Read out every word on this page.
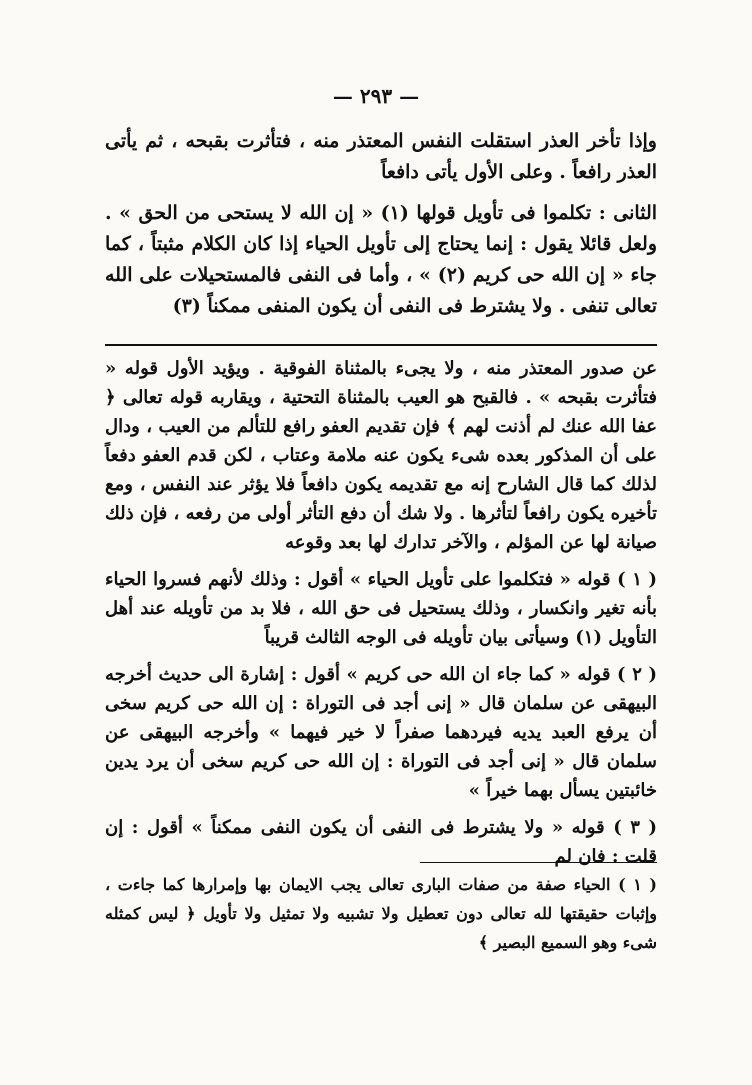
— ٢٩٣ —

وإذا تأخر العذر استقلت النفس المعتذر منه ، فتأثرت بقبحه ، ثم يأتى العذر رافعاً . وعلى الأول يأتى دافعاً

الثانى : تكلموا فى تأويل قولها (١) « إن الله لا يستحى من الحق » . ولعل قائلا يقول : إنما يحتاج إلى تأويل الحياء إذا كان الكلام مثبتاً ، كما جاء « إن الله حى كريم (٢) » ، وأما فى النفى فالمستحيلات على الله تعالى تنفى . ولا يشترط فى النفى أن يكون المنفى ممكناً (٣)

عن صدور المعتذر منه ، ولا يجىء بالمثناة الفوقية . ويؤيد الأول قوله « فتأثرت بقبحه » . فالقبح هو العيب بالمثناة التحتية ، ويقاربه قوله تعالى ﴿ عفا الله عنك لم أذنت لهم ﴾ فإن تقديم العفو رافع للتألم من العيب ، ودال على أن المذكور بعده شىء يكون عنه ملامة وعتاب ، لكن قدم العفو دفعاً لذلك كما قال الشارح إنه مع تقديمه يكون دافعاً فلا يؤثر عند النفس ، ومع تأخيره يكون رافعاً لتأثرها . ولا شك أن دفع التأثر أولى من رفعه ، فإن ذلك صيانة لها عن المؤلم ، والآخر تدارك لها بعد وقوعه

( ١ ) قوله « فتكلموا على تأويل الحياء » أقول : وذلك لأنهم فسروا الحياء بأنه تغير وانكسار ، وذلك يستحيل فى حق الله ، فلا بد من تأويله عند أهل التأويل (١) وسيأتى بيان تأويله فى الوجه الثالث قريباً

( ٢ ) قوله « كما جاء ان الله حى كريم » أقول : إشارة الى حديث أخرجه البيهقى عن سلمان قال « إنى أجد فى التوراة : إن الله حى كريم سخى أن يرفع العبد يديه فيردهما صفراً لا خير فيهما » وأخرجه البيهقى عن سلمان قال « إنى أجد فى التوراة : إن الله حى كريم سخى أن يرد يدين خائبتين يسأل بهما خيراً »

( ٣ ) قوله « ولا يشترط فى النفى أن يكون النفى ممكناً » أقول : إن قلت : فان لم

( ١ ) الحياء صفة من صفات البارى تعالى يجب الايمان بها وإمرارها كما جاءت ، وإثبات حقيقتها لله تعالى دون تعطيل ولا تشبيه ولا تمثيل ولا تأويل ﴿ ليس كمثله شىء وهو السميع البصير ﴾
